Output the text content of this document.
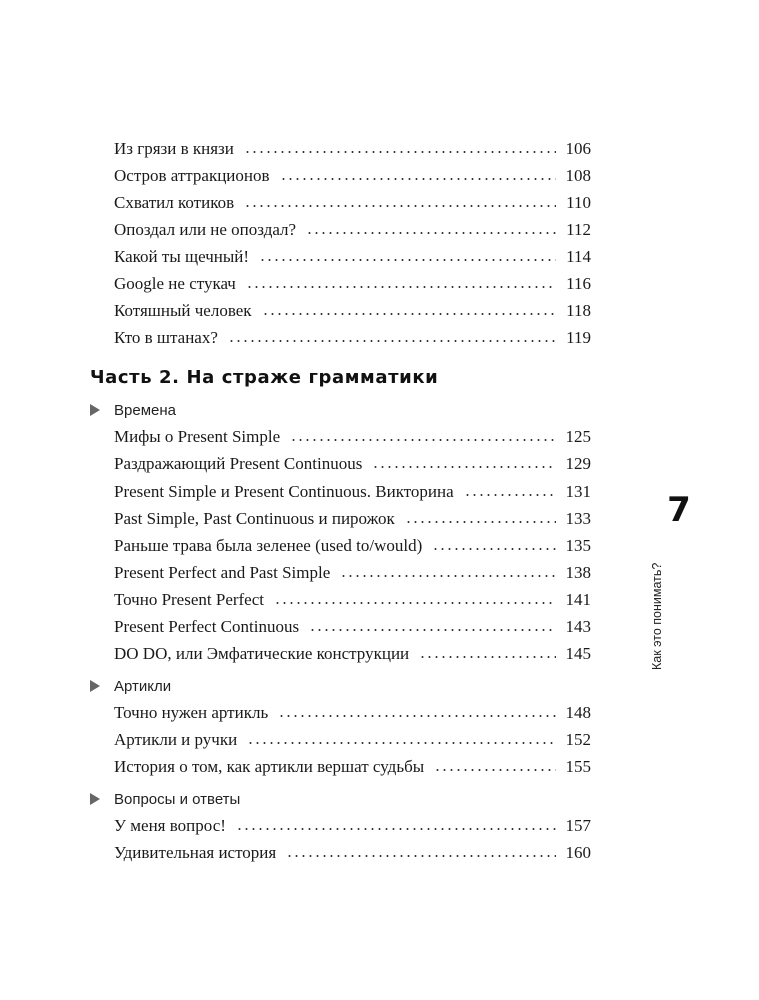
Из грязи в князи	106
Остров аттракционов	108
Схватил котиков	110
Опоздал или не опоздал?	112
Какой ты щечный!	114
Google не стукач	116
Котяшный человек	118
Кто в штанах?	119
Часть 2. На страже грамматики
Времена
Мифы о Present Simple	125
Раздражающий Present Continuous	129
Present Simple и Present Continuous. Викторина	131
Past Simple, Past Continuous и пирожок	133
Раньше трава была зеленее (used to/would)	135
Present Perfect and Past Simple	138
Точно Present Perfect	141
Present Perfect Continuous	143
DO DO, или Эмфатические конструкции	145
Артикли
Точно нужен артикль	148
Артикли и ручки	152
История о том, как артикли вершат судьбы	155
Вопросы и ответы
У меня вопрос!	157
Удивительная история	160
7
Как это понимать?
